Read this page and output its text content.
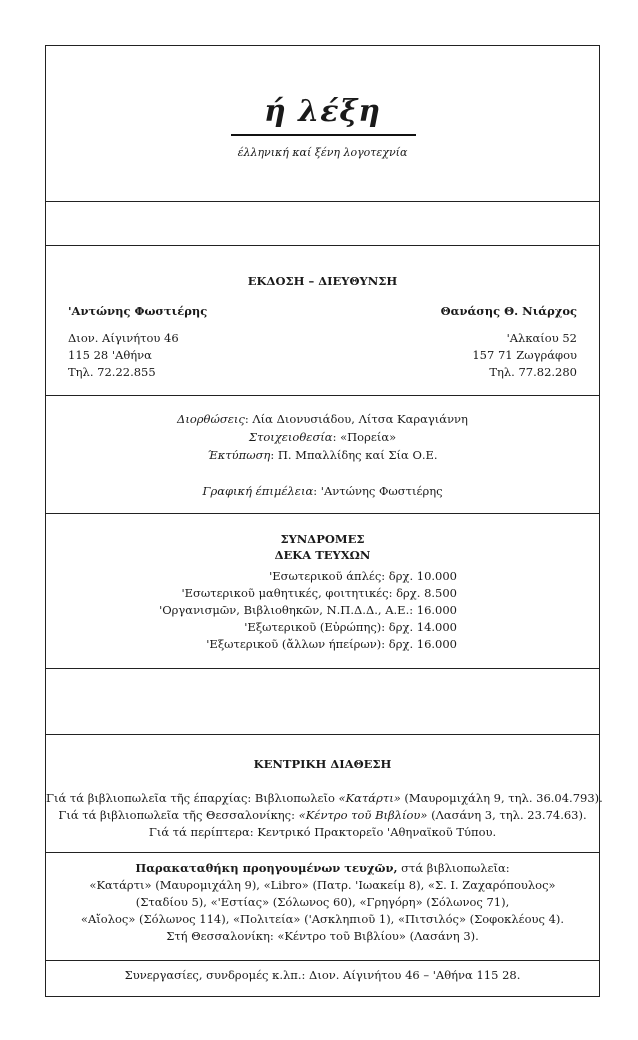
ή λέξη
έλληνική καί ξένη λογοτεχνία
ΕΚΔΟΣΗ – ΔΙΕΥΘΥΝΣΗ
'Αντώνης Φωστιέρης
Διον. Αίγινήτου 46
115 28 'Αθήνα
Τηλ. 72.22.855
Θανάσης Θ. Νιάρχος
'Αλκαίου 52
157 71 Ζωγράφου
Τηλ. 77.82.280
Διορθώσεις: Λία Διονυσιάδου, Λίτσα Καραγιάννη
Στοιχειοθεσία: «Πορεία»
Έκτύπωση: Π. Μπαλλίδης καί Σία Ο.Ε.
Γραφική έπιμέλεια: 'Αντώνης Φωστιέρης
ΣΥΝΔΡΟΜΕΣ
ΔΕΚΑ ΤΕΥΧΩΝ
'Εσωτερικοῦ άπλές: δρχ. 10.000
'Εσωτερικοῦ μαθητικές, φοιτητικές: δρχ. 8.500
'Οργανισμῶν, Βιβλιοθηκῶν, Ν.Π.Δ.Δ., Α.Ε.: 16.000
'Εξωτερικοῦ (Εὐρώπης): δρχ. 14.000
'Εξωτερικοῦ (ἄλλων ήπείρων): δρχ. 16.000
ΚΕΝΤΡΙΚΗ ΔΙΑΘΕΣΗ
Γιά τά βιβλιοπωλεῖα τῆς έπαρχίας: Βιβλιοπωλεῖο «Κατάρτι» (Μαυρομιχάλη 9, τηλ. 36.04.793).
Γιά τά βιβλιοπωλεῖα τῆς Θεσσαλονίκης: «Κέντρο τοῦ Βιβλίου» (Λασάνη 3, τηλ. 23.74.63).
Γιά τά περίπτερα: Κεντρικό Πρακτορεῖο 'Αθηναϊκοῦ Τύπου.
Παρακαταθήκη προηγουμένων τευχῶν, στά βιβλιοπωλεῖα:
«Κατάρτι» (Μαυρομιχάλη 9), «Libro» (Πατρ. 'Ιωακείμ 8), «Σ. Ι. Ζαχαρόπουλος»
(Σταδίου 5), «'Εστίας» (Σόλωνος 60), «Γρηγόρη» (Σόλωνος 71),
«Αἴολος» (Σόλωνος 114), «Πολιτεία» ('Ασκληπιοῦ 1), «Πιτσιλός» (Σοφοκλέους 4).
Στή Θεσσαλονίκη: «Κέντρο τοῦ Βιβλίου» (Λασάνη 3).
Συνεργασίες, συνδρομές κ.λπ.: Διον. Αίγινήτου 46 – 'Αθήνα 115 28.
